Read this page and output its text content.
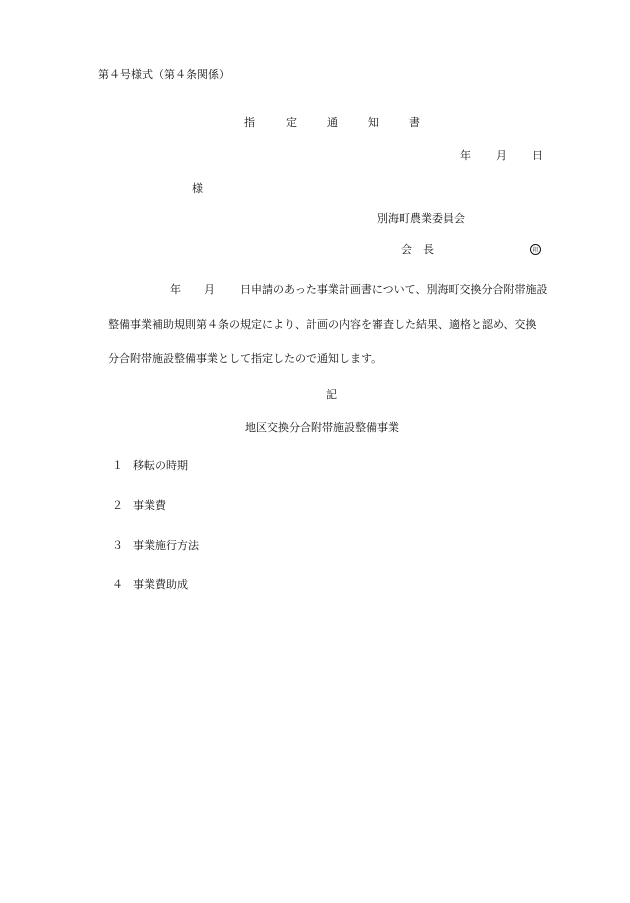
第４号様式（第４条関係）
指	定	通	知	書
年 月 日
様
別海町農業委員会
会　長	印
年 月 日申請のあった事業計画書について、別海町交換分合附帯施設
整備事業補助規則第４条の規定により、計画の内容を審査した結果、適格と認め、交換
分合附帯施設整備事業として指定したので通知します。
記
地区交換分合附帯施設整備事業
１ 移転の時期
２ 事業費
３ 事業施行方法
４ 事業費助成
